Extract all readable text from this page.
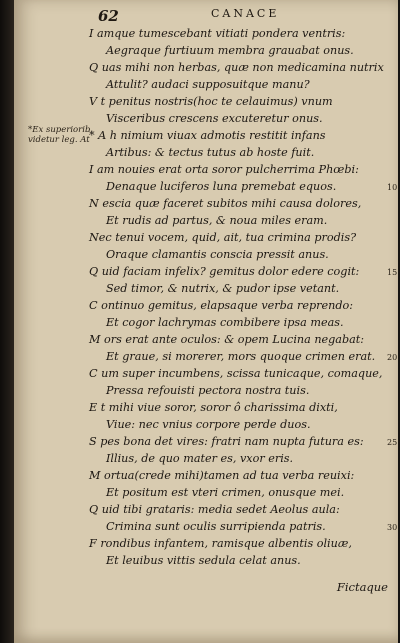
62	CANACE
*Ex superiorib.
videtur leg. At
I amque tumescebant vitiati pondera ventris:
Aegraque furtiuum membra grauabat onus.
Q uas mihi non herbas, quæ non medicamina nutrix
Attulit? audaci supposuitque manu?
V t penitus nostris(hoc te celauimus) vnum
Visceribus crescens excuteretur onus.
* A h nimium viuax admotis restitit infans
Artibus: & tectus tutus ab hoste fuit.
I am nouies erat orta soror pulcherrima Phœbi:
Denaque luciferos luna premebat equos.
N esciа quæ faceret subitos mihi causa dolores,
Et rudis ad partus, & noua miles eram.
Nec tenui vocem, quid, ait, tua crimina prodis?
Oraque clamantis conscia pressit anus.
Q uid faciam infelix? gemitus dolor edere cogit:
Sed timor, & nutrix, & pudor ipse vetant.
C ontinuo gemitus, elapsaque verba reprendo:
Et cogor lachrymas combibere ipsa meas.
M ors erat ante oculos: & opem Lucina negabat:
Et graue, si morerer, mors quoque crimen erat.
C um super incumbens, scissa tunicaque, comaque,
Pressa refouisti pectora nostra tuis.
E t mihi viue soror, soror ô charissima dixti,
Viue: nec vnius corpore perde duos.
S pes bona det vires: fratri nam nupta futura es:
Illius, de quo mater es, vxor eris.
M ortua(crede mihi)tamen ad tua verba reuixi:
Et positum est vteri crimen, onusque mei.
Q uid tibi grataris: media sedet Aeolus aula:
Crimina sunt oculis surripienda patris.
F rondibus infantem, ramisque albentis oliuæ,
Et leuibus vittis sedula celat anus.
10
15
20
25
30
Fictaque
